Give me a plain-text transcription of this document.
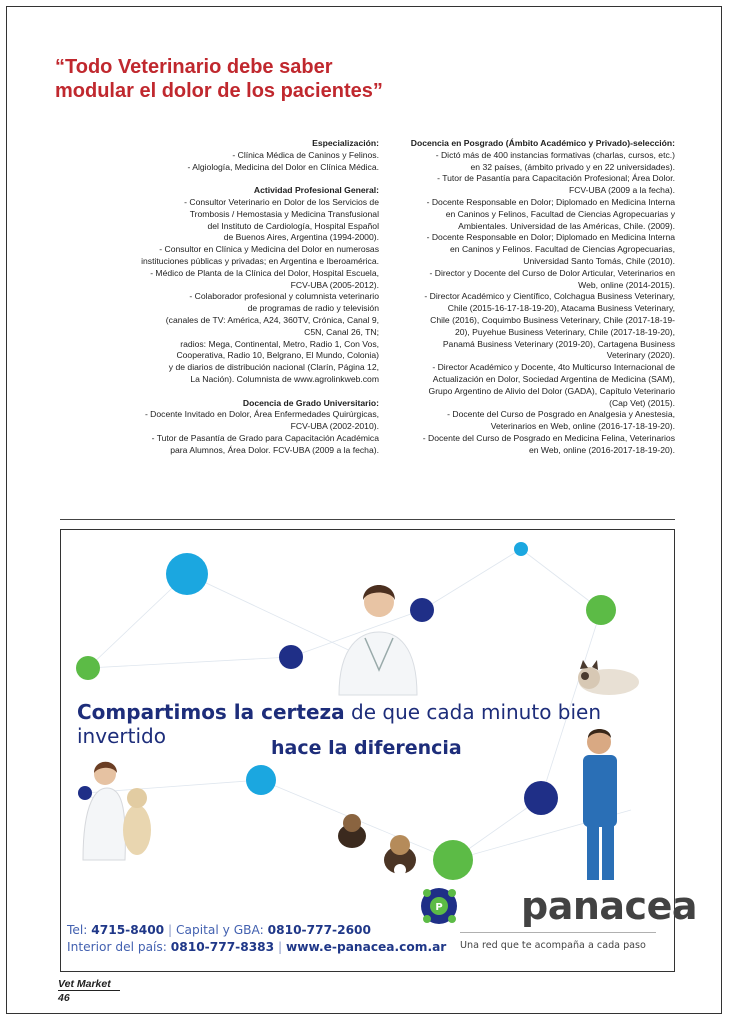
“Todo Veterinario debe saber
modular el dolor de los pacientes”
Especialización:
- Clínica Médica de Caninos y Felinos.
- Algiología, Medicina del Dolor en Clínica Médica.
Actividad Profesional General:
- Consultor Veterinario en Dolor de los Servicios de
Trombosis / Hemostasia y Medicina Transfusional
del Instituto de Cardiología, Hospital Español
de Buenos Aires, Argentina (1994-2000).
- Consultor en Clínica y Medicina del Dolor en numerosas
instituciones públicas y privadas; en Argentina e Iberoamérica.
- Médico de Planta de la Clínica del Dolor, Hospital Escuela,
FCV-UBA (2005-2012).
- Colaborador profesional y columnista veterinario
de programas de radio y televisión
(canales de TV: América, A24, 360TV, Crónica, Canal 9,
C5N, Canal 26, TN;
radios: Mega, Continental, Metro, Radio 1, Con Vos,
Cooperativa, Radio 10, Belgrano, El Mundo, Colonia)
y de diarios de distribución nacional (Clarín, Página 12,
La Nación). Columnista de www.agrolinkweb.com
Docencia de Grado Universitario:
- Docente Invitado en Dolor, Área Enfermedades Quirúrgicas,
FCV-UBA (2002-2010).
- Tutor de Pasantía de Grado para Capacitación Académica
para Alumnos, Área Dolor. FCV-UBA (2009 a la fecha).
Docencia en Posgrado (Ámbito Académico y Privado)-selección:
- Dictó más de 400 instancias formativas (charlas, cursos, etc.)
en 32 países, (ámbito privado y en 22 universidades).
- Tutor de Pasantía para Capacitación Profesional; Área Dolor.
FCV-UBA (2009 a la fecha).
- Docente Responsable en Dolor; Diplomado en Medicina Interna
en Caninos y Felinos, Facultad de Ciencias Agropecuarias y
Ambientales. Universidad de las Américas, Chile. (2009).
- Docente Responsable en Dolor; Diplomado en Medicina Interna
en Caninos y Felinos. Facultad de Ciencias Agropecuarias,
Universidad Santo Tomás, Chile (2010).
- Director y Docente del Curso de Dolor Articular, Veterinarios en
Web, online (2014-2015).
- Director Académico y Científico, Colchagua Business Veterinary,
Chile (2015-16-17-18-19-20), Atacama Business Veterinary,
Chile (2016), Coquimbo Business Veterinary, Chile (2017-18-19-
20), Puyehue Business Veterinary, Chile (2017-18-19-20),
Panamá Business Veterinary (2019-20), Cartagena Business
Veterinary (2020).
- Director Académico y Docente, 4to Multicurso Internacional de
Actualización en Dolor, Sociedad Argentina de Medicina (SAM),
Grupo Argentino de Alivio del Dolor (GADA), Capítulo Veterinario
(Cap Vet) (2015).
- Docente del Curso de Posgrado en Analgesia y Anestesia,
Veterinarios en Web, online (2016-17-18-19-20).
- Docente del Curso de Posgrado en Medicina Felina, Veterinarios
en Web, online (2016-2017-18-19-20).
P
Compartimos la certeza de que cada minuto bien invertido	hace la diferencia
panacea
Una red que te acompaña a cada paso
Tel: 4715-8400 | Capital y GBA: 0810-777-2600
Interior del país: 0810-777-8383 | www.e-panacea.com.ar
Vet Market
46
